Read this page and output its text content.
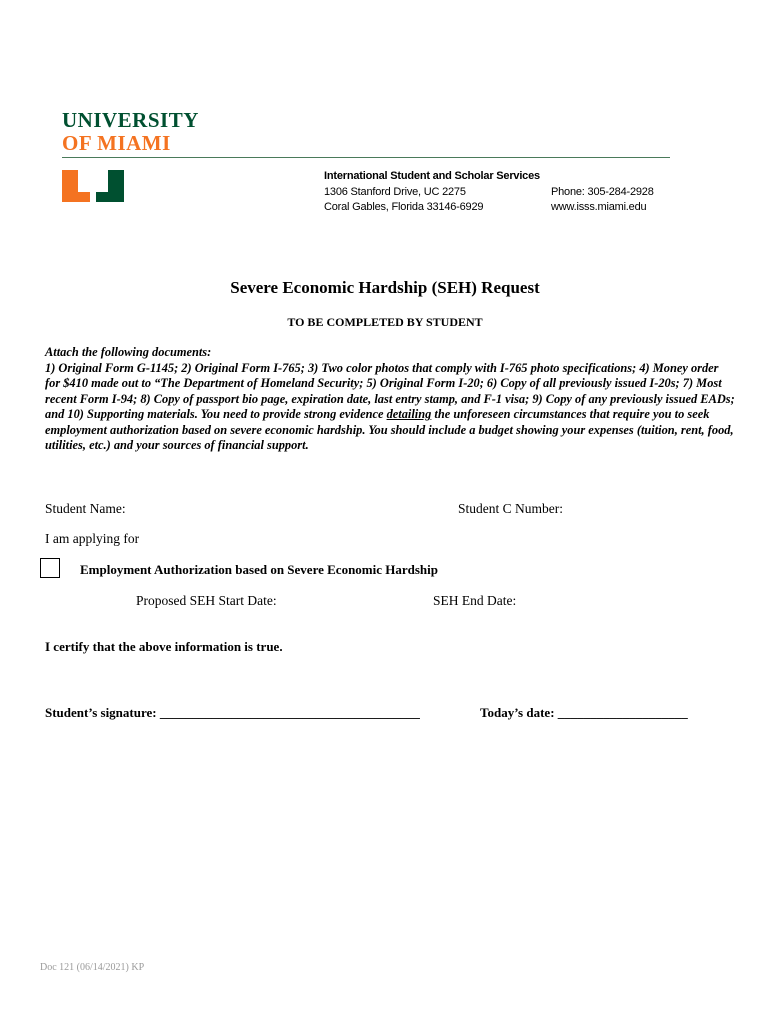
UNIVERSITY
OF MIAMI
International Student and Scholar Services
1306 Stanford Drive, UC 2275
Coral Gables, Florida 33146-6929
Phone: 305-284-2928
www.isss.miami.edu
Severe Economic Hardship (SEH) Request
TO BE COMPLETED BY STUDENT
Attach the following documents:
1) Original Form G-1145; 2) Original Form I-765; 3) Two color photos that comply with I-765 photo specifications; 4) Money order for $410 made out to “The Department of Homeland Security; 5) Original Form I-20; 6) Copy of all previously issued I-20s; 7) Most recent Form I-94; 8) Copy of passport bio page, expiration date, last entry stamp, and F-1 visa; 9) Copy of any previously issued EADs; and 10) Supporting materials. You need to provide strong evidence detailing the unforeseen circumstances that require you to seek employment authorization based on severe economic hardship. You should include a budget showing your expenses (tuition, rent, food, utilities, etc.) and your sources of financial support.
Student Name:	Student C Number:
I am applying for
Employment Authorization based on Severe Economic Hardship
Proposed SEH Start Date:	SEH End Date:
I certify that the above information is true.
Student’s signature: ________________________________________	Today’s date: ____________________
Doc 121 (06/14/2021) KP
